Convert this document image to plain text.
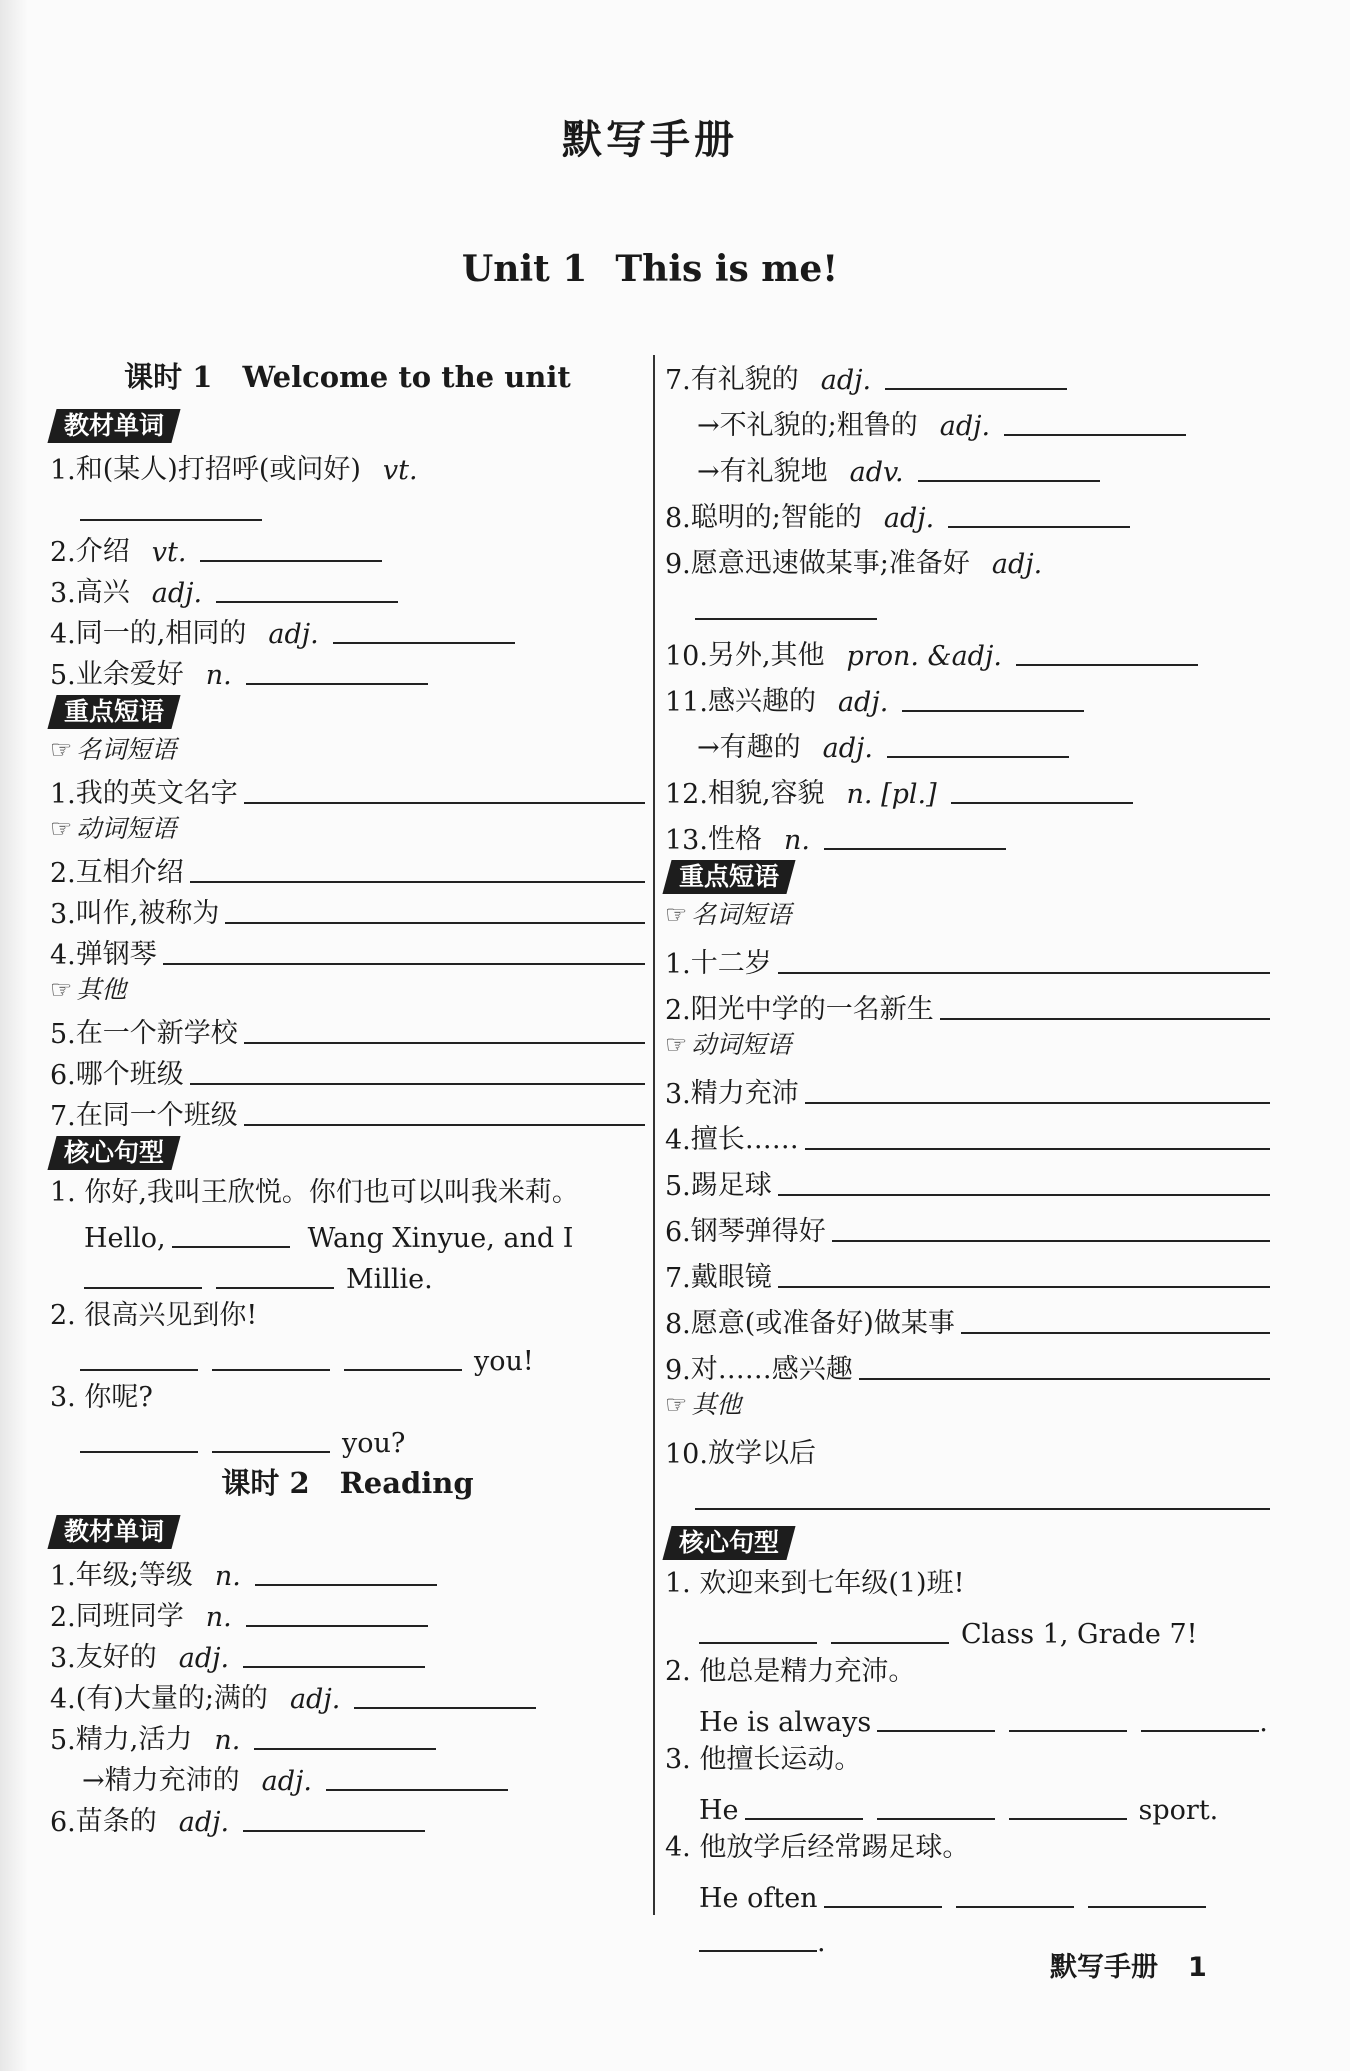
默写手册
Unit 1 This is me!
课时 1 Welcome to the unit
教材单词
1. 和(某人)打招呼(或问好) vt.
2. 介绍 vt.
3. 高兴 adj.
4. 同一的,相同的 adj.
5. 业余爱好 n.
重点短语
☞ 名词短语
1. 我的英文名字
☞ 动词短语
2. 互相介绍
3. 叫作,被称为
4. 弹钢琴
☞ 其他
5. 在一个新学校
6. 哪个班级
7. 在同一个班级
核心句型
1. 你好,我叫王欣悦。你们也可以叫我米莉。
Hello,	Wang Xinyue, and I
Millie.
2. 很高兴见到你!
you!
3. 你呢?
you?
课时 2 Reading
教材单词
1. 年级;等级 n.
2. 同班同学 n.
3. 友好的 adj.
4. (有)大量的;满的 adj.
5. 精力,活力 n.
→精力充沛的 adj.
6. 苗条的 adj.
7. 有礼貌的 adj.
→不礼貌的;粗鲁的 adj.
→有礼貌地 adv.
8. 聪明的;智能的 adj.
9. 愿意迅速做某事;准备好 adj.
10. 另外,其他 pron. &adj.
11. 感兴趣的 adj.
→有趣的 adj.
12. 相貌,容貌 n. [pl.]
13. 性格 n.
重点短语
☞ 名词短语
1. 十二岁
2. 阳光中学的一名新生
☞ 动词短语
3. 精力充沛
4. 擅长……
5. 踢足球
6. 钢琴弹得好
7. 戴眼镜
8. 愿意(或准备好)做某事
9. 对……感兴趣
☞ 其他
10. 放学以后
核心句型
1. 欢迎来到七年级(1)班!
Class 1, Grade 7!
2. 他总是精力充沛。
He is always	.
3. 他擅长运动。
He	sport.
4. 他放学后经常踢足球。
He often
.
默写手册 1
